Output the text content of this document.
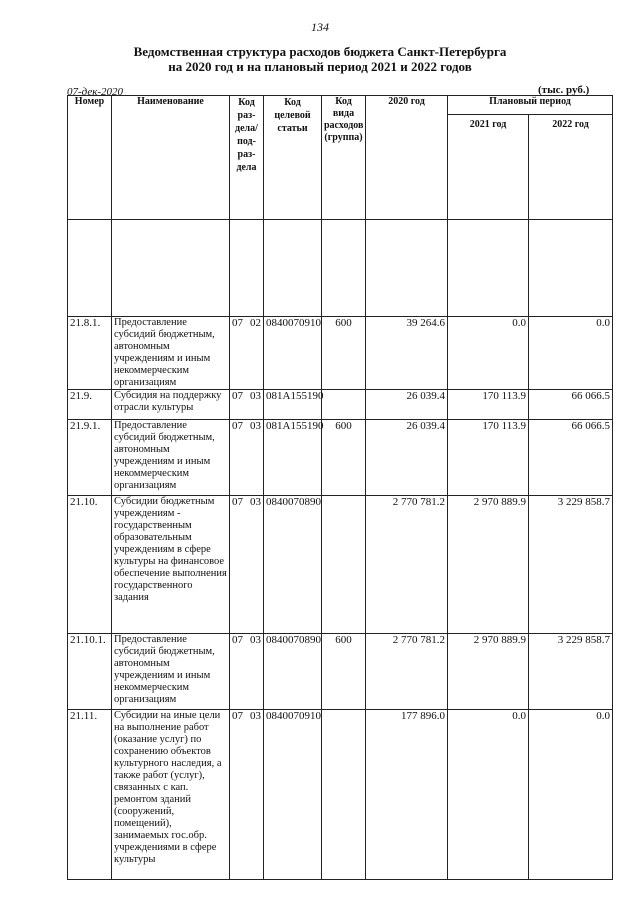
134
Ведомственная структура расходов бюджета Санкт-Петербурга
на 2020 год и на плановый период 2021 и 2022 годов
07-дек-2020	(тыс. руб.)
Номер	Наименование	Код раз- дела/ под- раз- дела	Код целевой статьи	Код вида расходов (группа)	2020 год	Плановый период	
						2021 год	2022 год

21.8.1.	Предоставление субсидий бюджетным, автономным учреждениям и иным некоммерческим организациям	07 02	0840070910	600	39 264.6	0.0	0.0
21.9.	Субсидия на поддержку отрасли культуры	07 03	081A155190		26 039.4	170 113.9	66 066.5
21.9.1.	Предоставление субсидий бюджетным, автономным учреждениям и иным некоммерческим организациям	07 03	081A155190	600	26 039.4	170 113.9	66 066.5
21.10.	Субсидии бюджетным учреждениям - государственным образовательным учреждениям в сфере культуры на финансовое обеспечение выполнения государственного задания	07 03	0840070890		2 770 781.2	2 970 889.9	3 229 858.7
21.10.1.	Предоставление субсидий бюджетным, автономным учреждениям и иным некоммерческим организациям	07 03	0840070890	600	2 770 781.2	2 970 889.9	3 229 858.7
21.11.	Субсидии на иные цели на выполнение работ (оказание услуг) по сохранению объектов культурного наследия, а также работ (услуг), связанных с кап. ремонтом зданий (сооружений, помещений), занимаемых гос.обр. учреждениями в сфере культуры	07 03	0840070910		177 896.0	0.0	0.0
